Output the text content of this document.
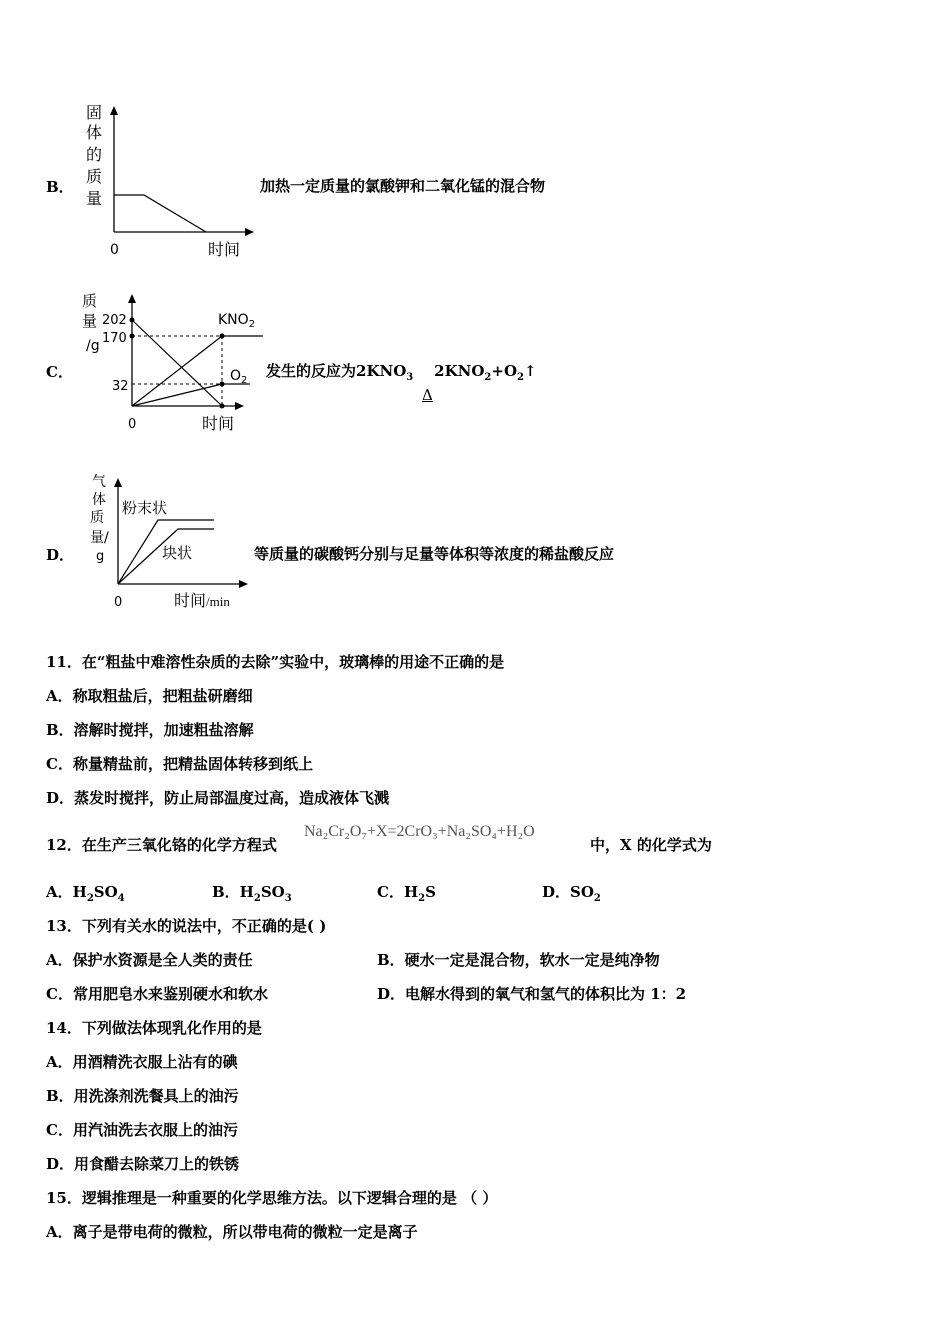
B．
固
体
的
质
量
0	时间
加热一定质量的氯酸钾和二氧化锰的混合物
C．
质
量
/g
202
170
32
$KNO_2$
$O_2$
0	时间
发生的反应为$2KNO_3$ $2KNO_2+O_2↑$
Δ
D．
气
体
质
量/
g
粉末状
块状
0	时间/min
等质量的碳酸钙分别与足量等体积等浓度的稀盐酸反应
11．在“粗盐中难溶性杂质的去除”实验中，玻璃棒的用途不正确的是
A．称取粗盐后，把粗盐研磨细
B．溶解时搅拌，加速粗盐溶解
C．称量精盐前，把精盐固体转移到纸上
D．蒸发时搅拌，防止局部温度过高，造成液体飞溅
12．在生产三氧化铬的化学方程式
Na₂Cr₂O₇+X=2CrO₃+Na₂SO₄+H₂O
中，X 的化学式为
A．$H_2SO_4$	B．$H_2SO_3$	C．$H_2S$	D．$SO_2$
13．下列有关水的说法中，不正确的是( )
A．保护水资源是全人类的责任	B．硬水一定是混合物，软水一定是纯净物
C．常用肥皂水来鉴别硬水和软水	D．电解水得到的氧气和氢气的体积比为 1：2
14．下列做法体现乳化作用的是
A．用酒精洗衣服上沾有的碘
B．用洗涤剂洗餐具上的油污
C．用汽油洗去衣服上的油污
D．用食醋去除菜刀上的铁锈
15．逻辑推理是一种重要的化学思维方法。以下逻辑合理的是 （ ）
A．离子是带电荷的微粒，所以带电荷的微粒一定是离子
